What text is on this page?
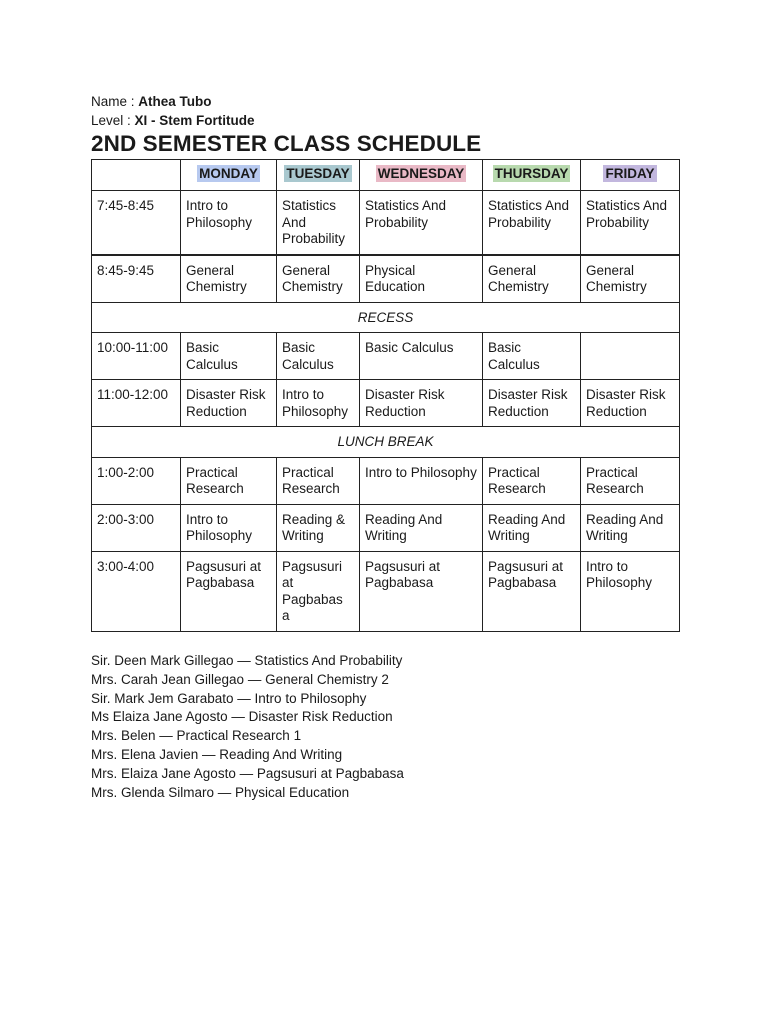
Name : Athea Tubo
Level : XI - Stem Fortitude
2ND SEMESTER CLASS SCHEDULE
	MONDAY	TUESDAY	WEDNESDAY	THURSDAY	FRIDAY
7:45-8:45	Intro to Philosophy	Statistics And Probability	Statistics And Probability	Statistics And Probability	Statistics And Probability
8:45-9:45	General Chemistry	General Chemistry	Physical Education	General Chemistry	General Chemistry
RECESS					
10:00-11:00	Basic Calculus	Basic Calculus	Basic Calculus	Basic Calculus	
11:00-12:00	Disaster Risk Reduction	Intro to Philosophy	Disaster Risk Reduction	Disaster Risk Reduction	Disaster Risk Reduction
LUNCH BREAK					
1:00-2:00	Practical Research	Practical Research	Intro to Philosophy	Practical Research	Practical Research
2:00-3:00	Intro to Philosophy	Reading & Writing	Reading And Writing	Reading And Writing	Reading And Writing
3:00-4:00	Pagsusuri at Pagbabasa	Pagsusuri at Pagbabas a	Pagsusuri at Pagbabasa	Pagsusuri at Pagbabasa	Intro to Philosophy
Sir. Deen Mark Gillegao — Statistics And Probability
Mrs. Carah Jean Gillegao — General Chemistry 2
Sir. Mark Jem Garabato — Intro to Philosophy
Ms Elaiza Jane Agosto — Disaster Risk Reduction
Mrs. Belen — Practical Research 1
Mrs. Elena Javien — Reading And Writing
Mrs. Elaiza Jane Agosto — Pagsusuri at Pagbabasa
Mrs. Glenda Silmaro — Physical Education
